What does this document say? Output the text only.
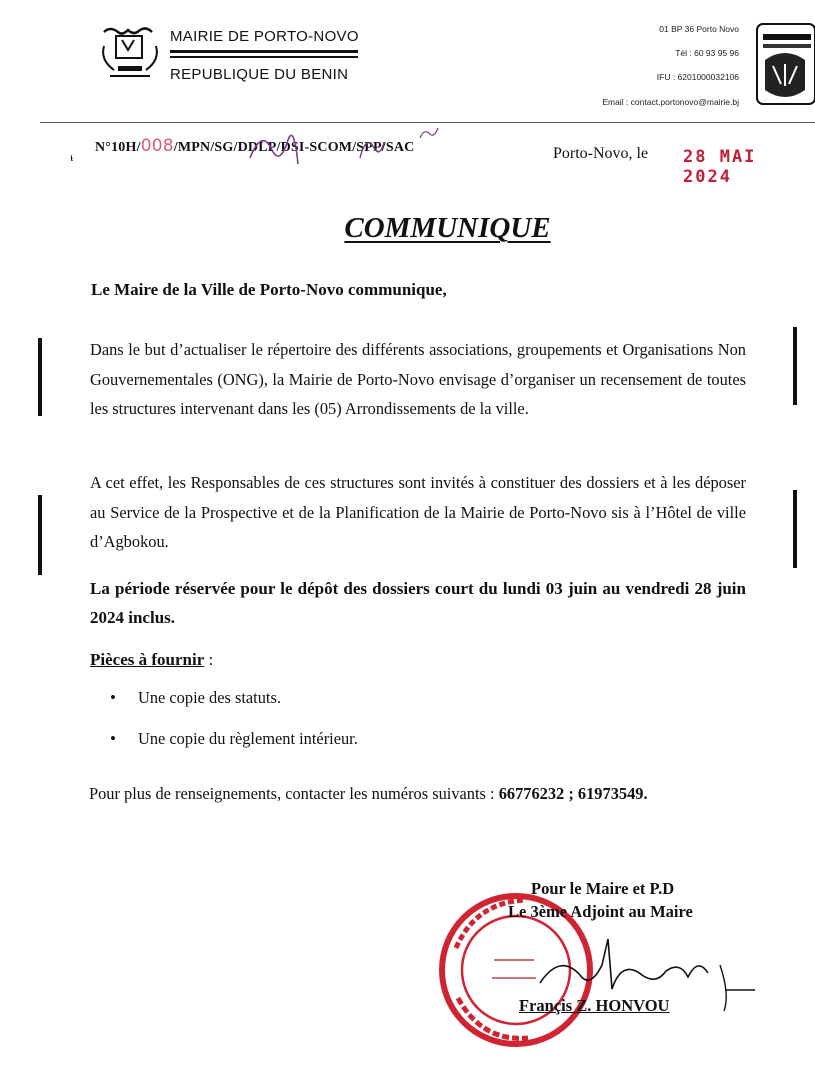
MAIRIE DE PORTO-NOVO
REPUBLIQUE DU BENIN
01 BP 36 Porto Novo
Tél : 60 93 95 96
IFU : 6201000032106
Email : contact.portonovo@mairie.bj
ᵼ
N°10H/008/MPN/SG/DDLP/DSI-SCOM/SPP/SAC	Porto-Novo, le 28 MAI 2024
COMMUNIQUE
Le Maire de la Ville de Porto-Novo communique,
Dans le but d’actualiser le répertoire des différents associations, groupements et Organisations Non Gouvernementales (ONG), la Mairie de Porto-Novo envisage d’organiser un recensement de toutes les structures intervenant dans les (05) Arrondissements de la ville.
A cet effet, les Responsables de ces structures sont invités à constituer des dossiers et à les déposer au Service de la Prospective et de la Planification de la Mairie de Porto-Novo sis à l’Hôtel de ville d’Agbokou.
La période réservée pour le dépôt des dossiers court du lundi 03 juin au vendredi 28 juin 2024 inclus.
Pièces à fournir :
• Une copie des statuts.
• Une copie du règlement intérieur.
Pour plus de renseignements, contacter les numéros suivants : 66776232 ; 61973549.
Pour le Maire et P.D
Le 3ème Adjoint au Maire
Françis Z. HONVOU
